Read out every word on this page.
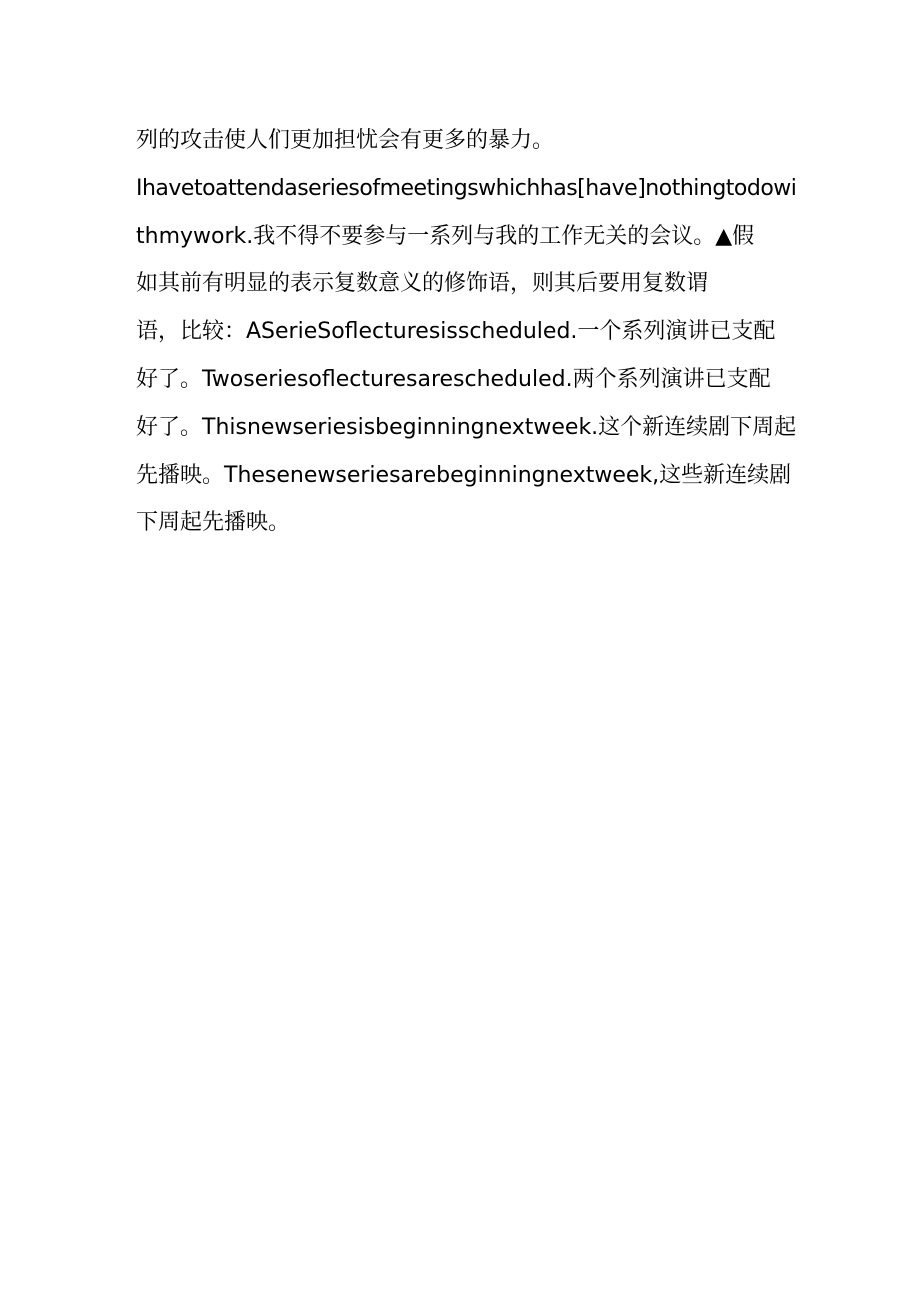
列的攻击使人们更加担忧会有更多的暴力。
Ihavetoattendaseriesofmeetingswhichhas[have]nothingtodowi
thmywork.我不得不要参与一系列与我的工作无关的会议。▲假
如其前有明显的表示复数意义的修饰语，则其后要用复数谓
语，比较：ASerieSoflecturesisscheduled.一个系列演讲已支配
好了。Twoseriesoflecturesarescheduled.两个系列演讲已支配
好了。Thisnewseriesisbeginningnextweek.这个新连续剧下周起
先播映。Thesenewseriesarebeginningnextweek,这些新连续剧
下周起先播映。
